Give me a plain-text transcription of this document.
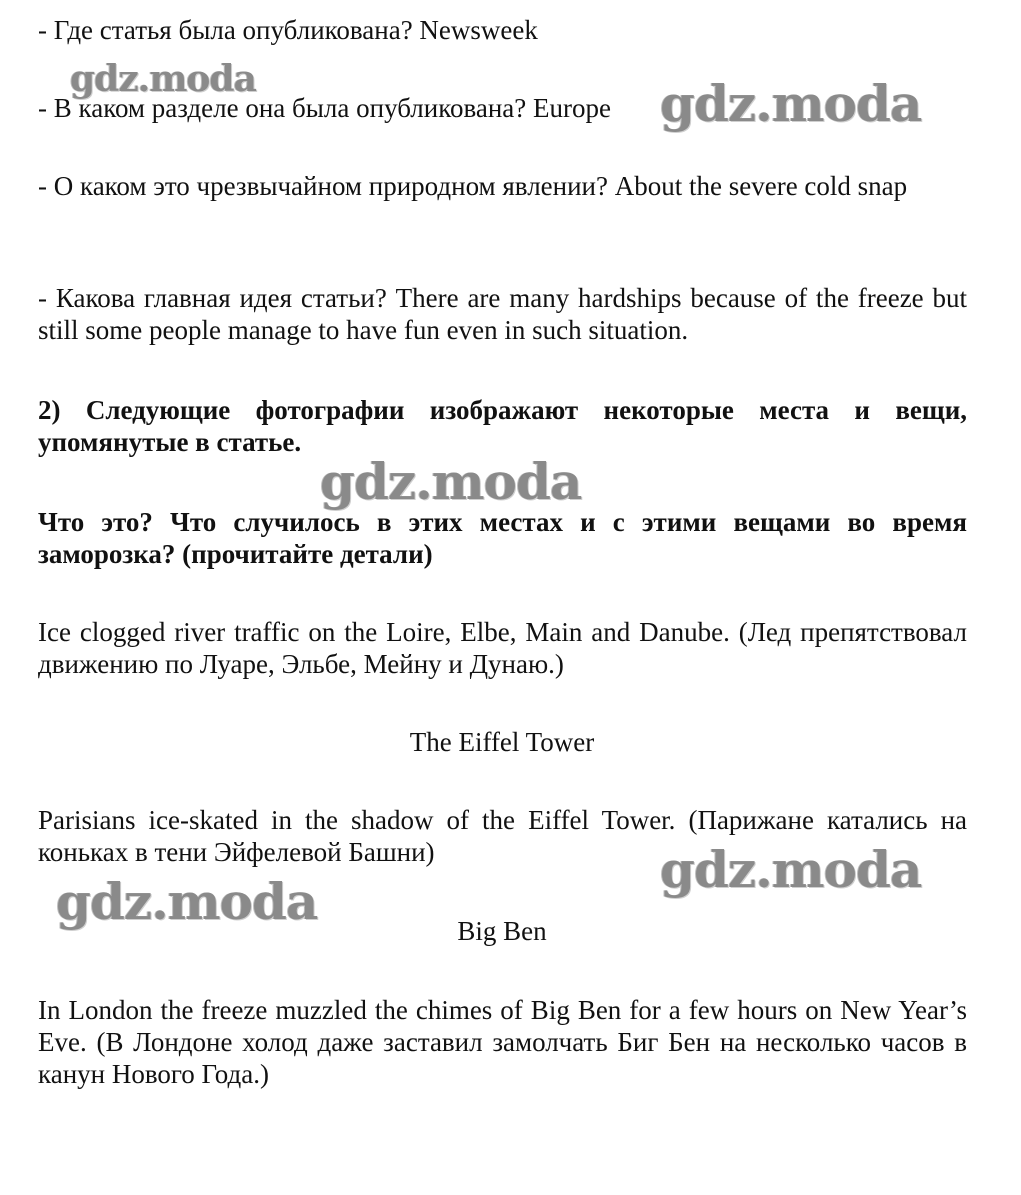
- Где статья была опубликована? Newsweek

- В каком разделе она была опубликована? Europe

- О каком это чрезвычайном природном явлении? About the severe cold snap

- Какова главная идея статьи? There are many hardships because of the freeze but still some people manage to have fun even in such situation.

2) Следующие фотографии изображают некоторые места и вещи, упомянутые в статье.

Что это? Что случилось в этих местах и с этими вещами во время заморозка? (прочитайте детали)

Ice clogged river traffic on the Loire, Elbe, Main and Danube. (Лед препятствовал движению по Луаре, Эльбе, Мейну и Дунаю.)

The Eiffel Tower

Parisians ice-skated in the shadow of the Eiffel Tower. (Парижане катались на коньках в тени Эйфелевой Башни)

Big Ben

In London the freeze muzzled the chimes of Big Ben for a few hours on New Year’s Eve. (В Лондоне холод даже заставил замолчать Биг Бен на несколько часов в канун Нового Года.)

gdz.moda	gdz.moda
gdz.moda
gdz.moda
gdz.moda
